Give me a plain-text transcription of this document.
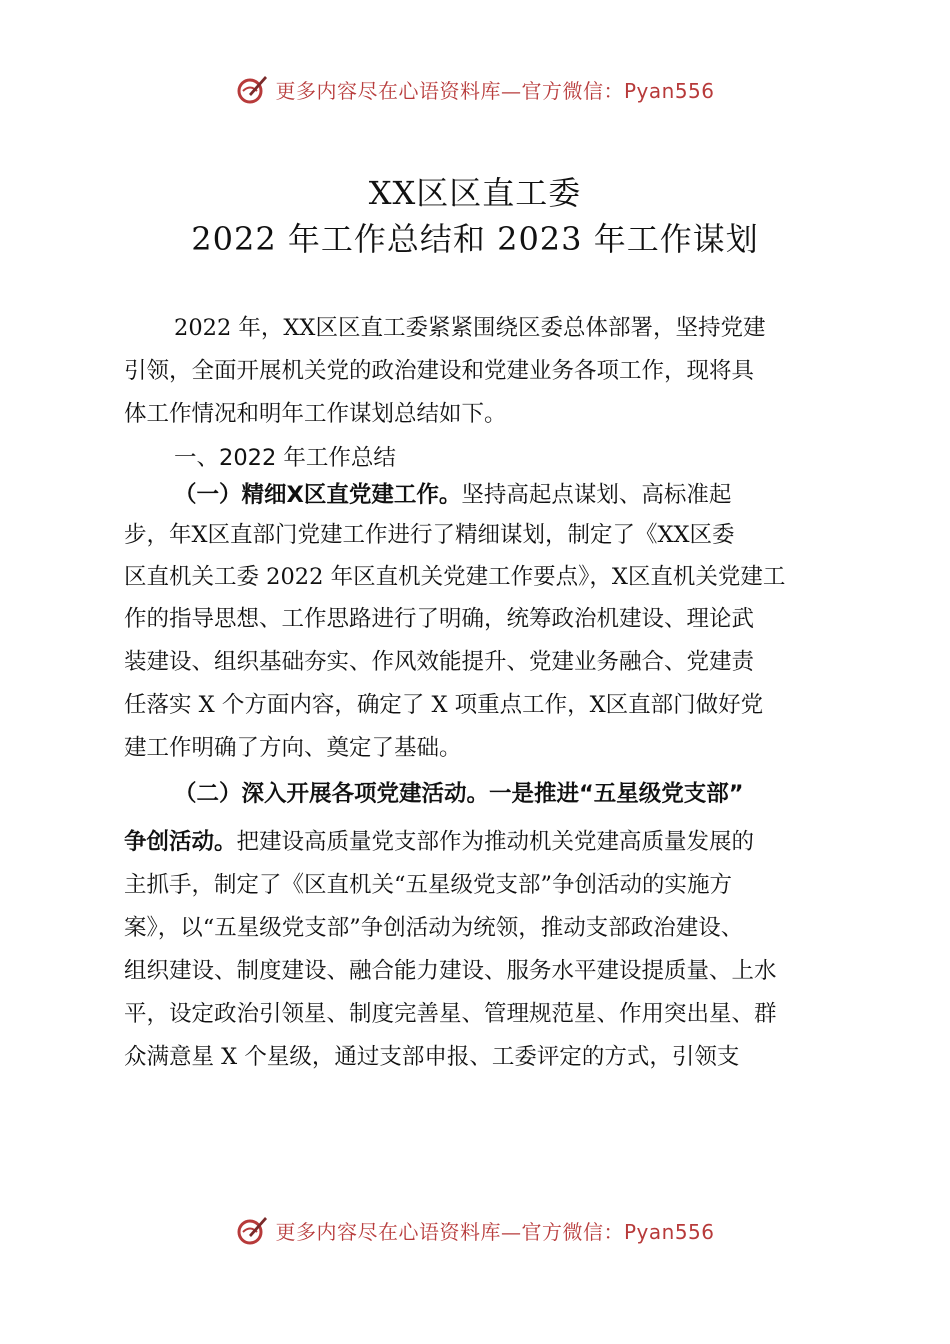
更多内容尽在心语资料库—官方微信：Pyan556
XX区区直工委
2022 年工作总结和 2023 年工作谋划
2022 年，XX区区直工委紧紧围绕区委总体部署，坚持党建
引领，全面开展机关党的政治建设和党建业务各项工作，现将具
体工作情况和明年工作谋划总结如下。
一、2022 年工作总结
（一）精细X区直党建工作。坚持高起点谋划、高标准起
步，年X区直部门党建工作进行了精细谋划，制定了《XX区委
区直机关工委 2022 年区直机关党建工作要点》，X区直机关党建工
作的指导思想、工作思路进行了明确，统筹政治机建设、理论武
装建设、组织基础夯实、作风效能提升、党建业务融合、党建责
任落实 X 个方面内容，确定了 X 项重点工作，X区直部门做好党
建工作明确了方向、奠定了基础。
（二）深入开展各项党建活动。一是推进“五星级党支部”
争创活动。把建设高质量党支部作为推动机关党建高质量发展的
主抓手，制定了《区直机关“五星级党支部”争创活动的实施方
案》，以“五星级党支部”争创活动为统领，推动支部政治建设、
组织建设、制度建设、融合能力建设、服务水平建设提质量、上水
平，设定政治引领星、制度完善星、管理规范星、作用突出星、群
众满意星 X 个星级，通过支部申报、工委评定的方式，引领支
更多内容尽在心语资料库—官方微信：Pyan556
